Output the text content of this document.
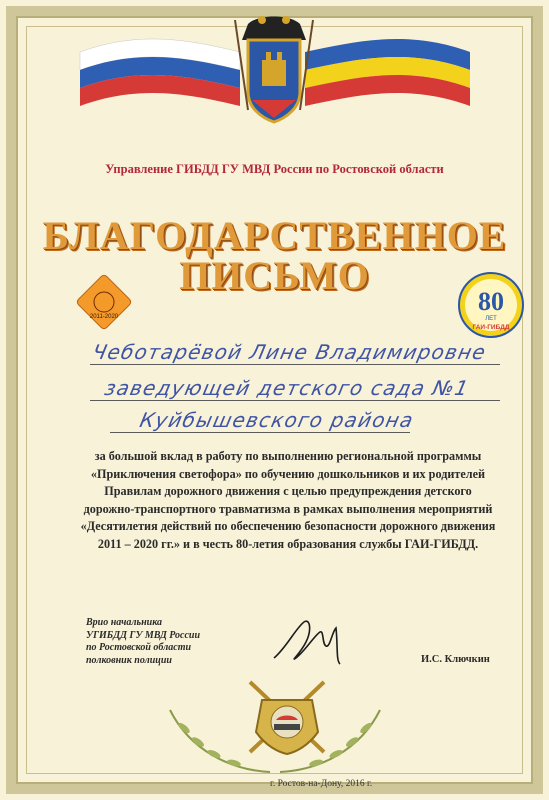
Управление ГИБДД ГУ МВД России по Ростовской области
БЛАГОДАРСТВЕННОЕ
ПИСЬМО
2011-2020
80
ЛЕТ
ГАИ-ГИБДД
Чеботарёвой Лине Владимировне
заведующей детского сада №1
Куйбышевского района
за большой вклад в работу по выполнению региональной программы «Приключения светофора» по обучению дошкольников и их родителей Правилам дорожного движения с целью предупреждения детского дорожно-транспортного травматизма в рамках выполнения мероприятий «Десятилетия действий по обеспечению безопасности дорожного движения 2011 – 2020 гг.» и в честь 80-летия образования службы ГАИ-ГИБДД.
Врио начальника
УГИБДД ГУ МВД России
по Ростовской области
полковник полиции	И.С. Ключкин
г. Ростов-на-Дону, 2016 г.
